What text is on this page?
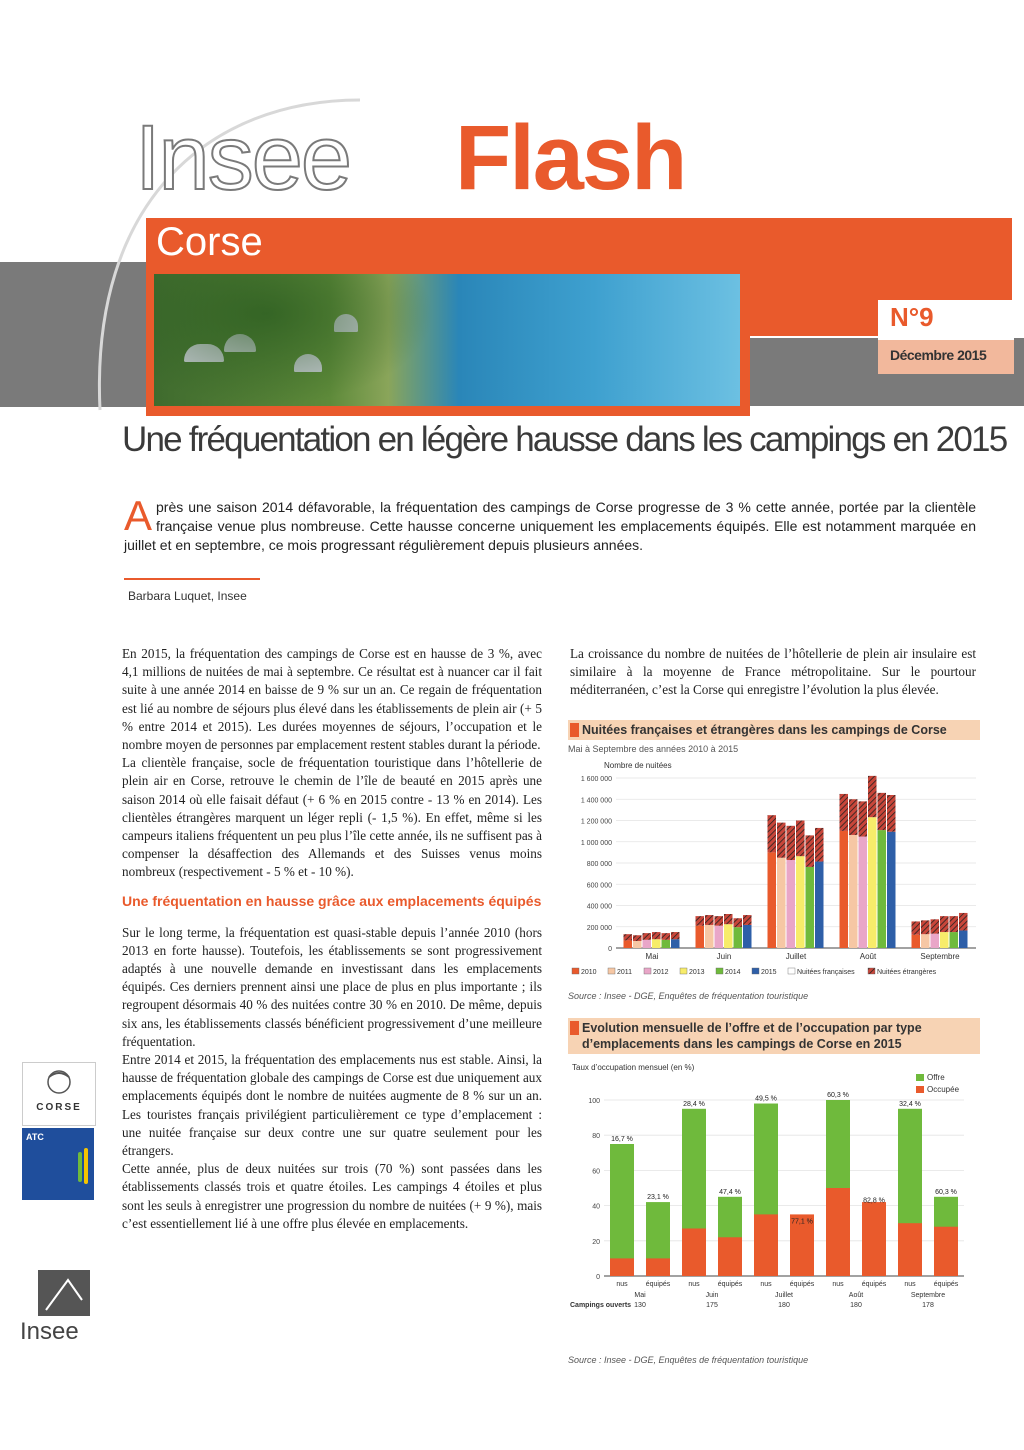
Insee Flash
Corse
N°9
Décembre 2015
Une fréquentation en légère hausse dans les campings en 2015
Après une saison 2014 défavorable, la fréquentation des campings de Corse progresse de 3 % cette année, portée par la clientèle française venue plus nombreuse. Cette hausse concerne uniquement les emplacements équipés. Elle est notamment marquée en juillet et en septembre, ce mois progressant régulièrement depuis plusieurs années.
Barbara Luquet, Insee

En 2015, la fréquentation des campings de Corse est en hausse de 3 %, avec 4,1 millions de nuitées de mai à septembre. Ce résultat est à nuancer car il fait suite à une année 2014 en baisse de 9 % sur un an. Ce regain de fréquentation est lié au nombre de séjours plus élevé dans les établissements de plein air (+ 5 % entre 2014 et 2015). Les durées moyennes de séjours, l’occupation et le nombre moyen de personnes par emplacement restent stables durant la période.

La clientèle française, socle de fréquentation touristique dans l’hôtellerie de plein air en Corse, retrouve le chemin de l’île de beauté en 2015 après une saison 2014 où elle faisait défaut (+ 6 % en 2015 contre - 13 % en 2014). Les clientèles étrangères marquent un léger repli (- 1,5 %). En effet, même si les campeurs italiens fréquentent un peu plus l’île cette année, ils ne suffisent pas à compenser la désaffection des Allemands et des Suisses venus moins nombreux (respectivement - 5 % et - 10 %).

Une fréquentation en hausse grâce aux emplacements équipés

Sur le long terme, la fréquentation est quasi-stable depuis l’année 2010 (hors 2013 en forte hausse). Toutefois, les établissements se sont progressivement adaptés à une nouvelle demande en investissant dans les emplacements équipés. Ces derniers prennent ainsi une place de plus en plus importante ; ils regroupent désormais 40 % des nuitées contre 30 % en 2010. De même, depuis six ans, les établissements classés bénéficient progressivement d’une meilleure fréquentation.

Entre 2014 et 2015, la fréquentation des emplacements nus est stable. Ainsi, la hausse de fréquentation globale des campings de Corse est due uniquement aux emplacements équipés dont le nombre de nuitées augmente de 8 % sur un an. Les touristes français privilégient particulièrement ce type d’emplacement : une nuitée française sur deux contre une sur quatre seulement pour les étrangers.

Cette année, plus de deux nuitées sur trois (70 %) sont passées dans les établissements classés trois et quatre étoiles. Les campings 4 étoiles et plus sont les seuls à enregistrer une progression du nombre de nuitées (+ 9 %), mais c’est essentiellement lié à une offre plus élevée en emplacements.

La croissance du nombre de nuitées de l’hôtellerie de plein air insulaire est similaire à la moyenne de France métropolitaine. Sur le pourtour méditerranéen, c’est la Corse qui enregistre l’évolution la plus élevée.

Nuitées françaises et étrangères dans les campings de Corse
Mai à Septembre des années 2010 à 2015
Nombre de nuitées
0
200 000
400 000
600 000
800 000
1 000 000
1 200 000
1 400 000
1 600 000
Mai	Juin	Juillet	Août	Septembre
2010	2011	2012	2013	2014	2015	Nuitées françaises	Nuitées étrangères
Source : Insee - DGE, Enquêtes de fréquentation touristique
Evolution mensuelle de l’offre et de l’occupation par type d’emplacements dans les campings de Corse en 2015
Taux d’occupation mensuel (en %)
Offre
Occupée
0
20
40
60
80
100
16,7 %
nus
23,1 %
équipés
28,4 %
nus
47,4 %
équipés
49,5 %
nus
77,1 %
équipés
60,3 %
nus
82,8 %
équipés
32,4 %
nus
60,3 %
équipés
Mai
130
Juin
175
Juillet
180
Août
180
Septembre
178
Campings ouverts
Source : Insee - DGE, Enquêtes de fréquentation touristique
CORSE
ATC
Insee
